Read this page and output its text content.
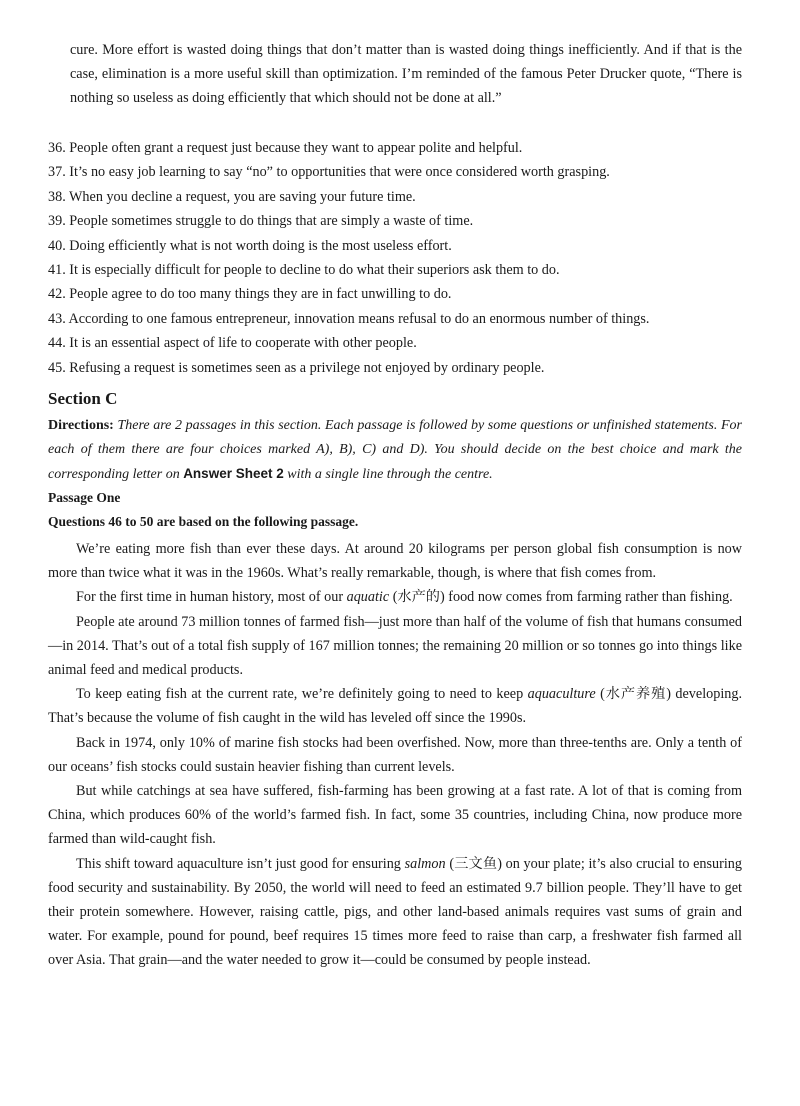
cure. More effort is wasted doing things that don’t matter than is wasted doing things inefficiently. And if that is the case, elimination is a more useful skill than optimization. I’m reminded of the famous Peter Drucker quote, “There is nothing so useless as doing efficiently that which should not be done at all.”

36. People often grant a request just because they want to appear polite and helpful.
37. It’s no easy job learning to say “no” to opportunities that were once considered worth grasping.
38. When you decline a request, you are saving your future time.
39. People sometimes struggle to do things that are simply a waste of time.
40. Doing efficiently what is not worth doing is the most useless effort.
41. It is especially difficult for people to decline to do what their superiors ask them to do.
42. People agree to do too many things they are in fact unwilling to do.
43. According to one famous entrepreneur, innovation means refusal to do an enormous number of things.
44. It is an essential aspect of life to cooperate with other people.
45. Refusing a request is sometimes seen as a privilege not enjoyed by ordinary people.
Section C

Directions: There are 2 passages in this section. Each passage is followed by some questions or unfinished statements. For each of them there are four choices marked A), B), C) and D). You should decide on the best choice and mark the corresponding letter on Answer Sheet 2 with a single line through the centre.

Passage One
Questions 46 to 50 are based on the following passage.

We’re eating more fish than ever these days. At around 20 kilograms per person global fish consumption is now more than twice what it was in the 1960s. What’s really remarkable, though, is where that fish comes from.

For the first time in human history, most of our aquatic (水产的) food now comes from farming rather than fishing.

People ate around 73 million tonnes of farmed fish—just more than half of the volume of fish that humans consumed—in 2014. That’s out of a total fish supply of 167 million tonnes; the remaining 20 million or so tonnes go into things like animal feed and medical products.

To keep eating fish at the current rate, we’re definitely going to need to keep aquaculture (水产养殖) developing. That’s because the volume of fish caught in the wild has leveled off since the 1990s.

Back in 1974, only 10% of marine fish stocks had been overfished. Now, more than three-tenths are. Only a tenth of our oceans’ fish stocks could sustain heavier fishing than current levels.

But while catchings at sea have suffered, fish-farming has been growing at a fast rate. A lot of that is coming from China, which produces 60% of the world’s farmed fish. In fact, some 35 countries, including China, now produce more farmed than wild-caught fish.

This shift toward aquaculture isn’t just good for ensuring salmon (三文鱼) on your plate; it’s also crucial to ensuring food security and sustainability. By 2050, the world will need to feed an estimated 9.7 billion people. They’ll have to get their protein somewhere. However, raising cattle, pigs, and other land-based animals requires vast sums of grain and water. For example, pound for pound, beef requires 15 times more feed to raise than carp, a freshwater fish farmed all over Asia. That grain—and the water needed to grow it—could be consumed by people instead.
